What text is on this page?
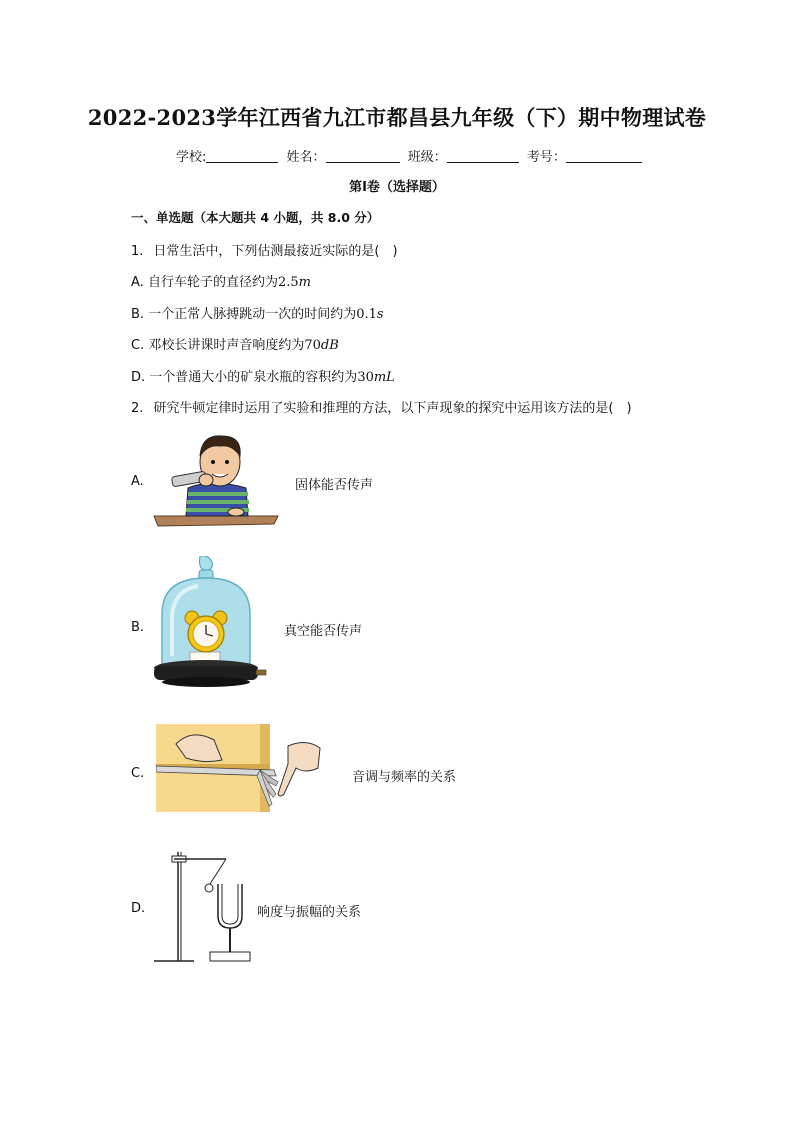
2022-2023学年江西省九江市都昌县九年级（下）期中物理试卷
学校:	姓名：	班级：	考号：
第Ⅰ卷（选择题）
一、单选题（本大题共 4 小题，共 8.0 分）
1. 日常生活中，下列估测最接近实际的是(  )
A. 自行车轮子的直径约为2.5m
B. 一个正常人脉搏跳动一次的时间约为0.1s
C. 邓校长讲课时声音响度约为70dB
D. 一个普通大小的矿泉水瓶的容积约为30mL
2. 研究牛顿定律时运用了实验和推理的方法，以下声现象的探究中运用该方法的是(  )
A.	固体能否传声
B.	真空能否传声
C.	音调与频率的关系
D.	响度与振幅的关系
